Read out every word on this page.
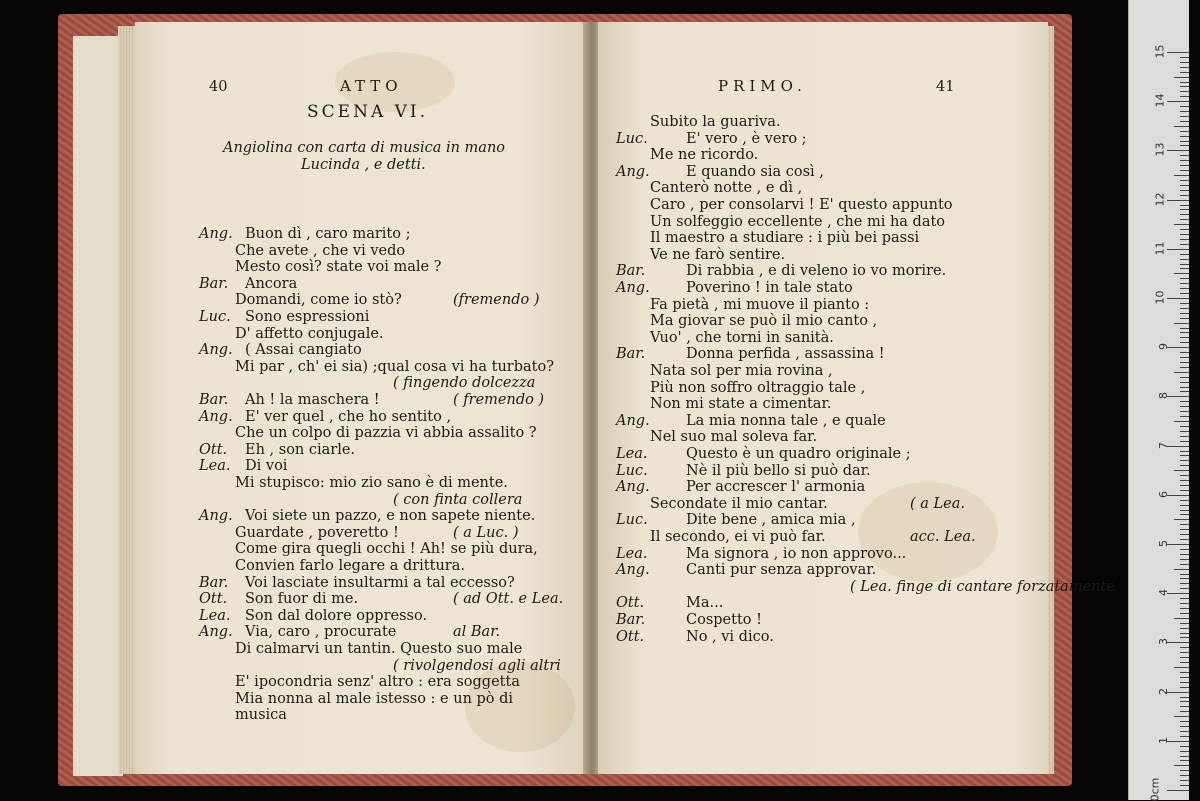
40	ATTO
SCENA VI.
Angiolina con carta di musica in mano
Lucinda , e detti.
Ang. Buon dì , caro marito ;
Che avete , che vi vedo
Mesto così? state voi male ?
Bar. Ancora
Domandi, come io stò?	(fremendo )
Luc. Sono espressioni
D' affetto conjugale.
Ang. ( Assai cangiato
Mi par , ch' ei sia) ;qual cosa vi ha turbato?
( fingendo dolcezza
Bar. Ah ! la maschera !	( fremendo )
Ang. E' ver quel , che ho sentito ,
Che un colpo di pazzia vi abbia assalito ?
Ott. Eh , son ciarle.
Lea. Di voi
Mi stupisco: mio zio sano è di mente.
( con finta collera
Ang. Voi siete un pazzo, e non sapete niente.
Guardate , poveretto !	( a Luc. )
Come gira quegli occhi ! Ah! se più dura,
Convien farlo legare a drittura.
Bar. Voi lasciate insultarmi a tal eccesso?
Ott. Son fuor di me.	( ad Ott. e Lea.
Lea. Son dal dolore oppresso.
Ang. Via, caro , procurate	al Bar.
Di calmarvi un tantin. Questo suo male
( rivolgendosi agli altri
E' ipocondria senz' altro : era soggetta
Mia nonna al male istesso : e un pò di
musica
PRIMO.	41
Subito la guariva.
Luc.	E' vero , è vero ;
Me ne ricordo.
Ang.	E quando sia così ,
Canterò notte , e dì ,
Caro , per consolarvi ! E' questo appunto
Un solfeggio eccellente , che mi ha dato
Il maestro a studiare : i più bei passi
Ve ne farò sentire.
Bar.	Di rabbia , e di veleno io vo morire.
Ang.	Poverino ! in tale stato
Fa pietà , mi muove il pianto :
Ma giovar se può il mio canto ,
Vuo' , che torni in sanità.
Bar.	Donna perfida , assassina !
Nata sol per mia rovina ,
Più non soffro oltraggio tale ,
Non mi state a cimentar.
Ang.	La mia nonna tale , e quale
Nel suo mal soleva far.
Lea.	Questo è un quadro originale ;
Luc.	Nè il più bello si può dar.
Ang.	Per accrescer l' armonia
Secondate il mio cantar.	( a Lea.
Luc.	Dite bene , amica mia ,
Il secondo, ei vi può far.	acc. Lea.
Lea.	Ma signora , io non approvo...
Ang.	Canti pur senza approvar.
( Lea. finge di cantare forzatamente
Ott.	Ma...
Bar.	Cospetto !
Ott.	No , vi dico.
0cm
1
2
3
4
5
6
7
8
9
10
11
12
13
14
15
